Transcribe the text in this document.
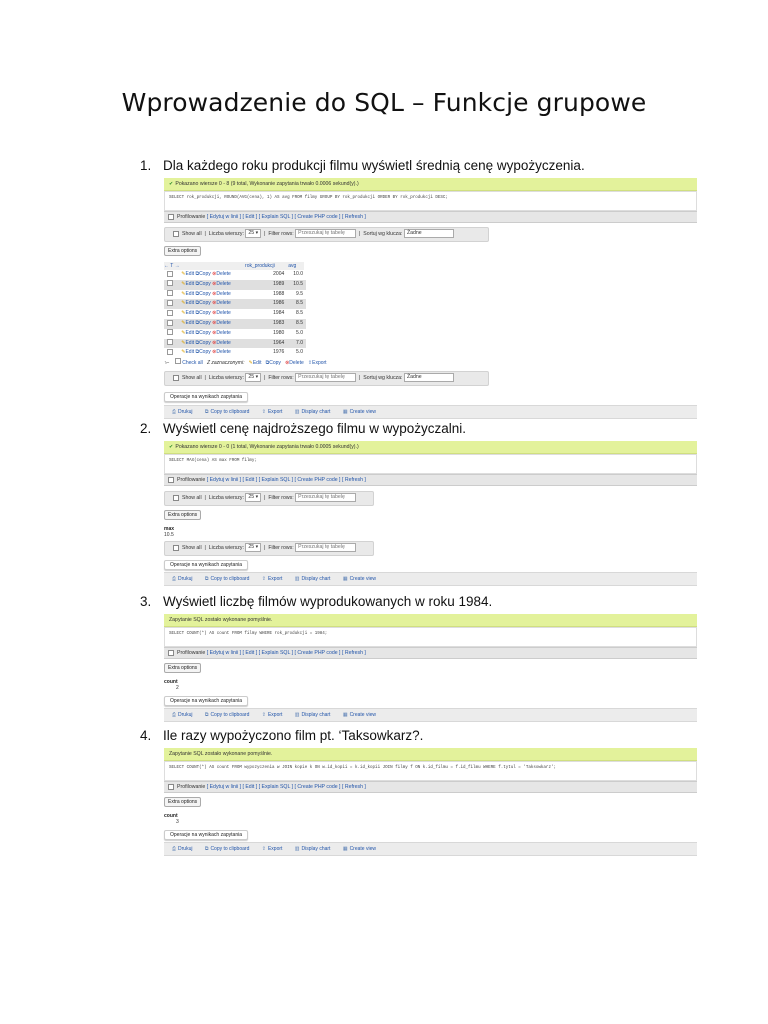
Wprowadzenie do SQL – Funkcje grupowe
1. Dla każdego roku produkcji filmu wyświetl średnią cenę wypożyczenia.
✔ Pokazano wiersze 0 - 8 (9 total, Wykonanie zapytania trwało 0.0006 sekund(y).)
SELECT rok_produkcji, ROUND(AVG(cena), 1) AS avg FROM filmy GROUP BY rok_produkcji ORDER BY rok_produkcji DESC;
Profilowanie [ Edytuj w linii ] [ Edit ] [ Explain SQL ] [ Create PHP code ] [ Refresh ]
Show all  |  Liczba wierszy: 25 ▾  |  Filter rows: Przeszukaj tę tabelę  |  Sortuj wg klucza: Żadne
Extra options
← T →	rok_produkcji	avg
	✎Edit ⧉Copy ⊗Delete	2004	10.0
	✎Edit ⧉Copy ⊗Delete	1989	10.5
	✎Edit ⧉Copy ⊗Delete	1988	9.5
	✎Edit ⧉Copy ⊗Delete	1986	8.5
	✎Edit ⧉Copy ⊗Delete	1984	8.5
	✎Edit ⧉Copy ⊗Delete	1983	8.5
	✎Edit ⧉Copy ⊗Delete	1980	5.0
	✎Edit ⧉Copy ⊗Delete	1964	7.0
	✎Edit ⧉Copy ⊗Delete	1976	5.0
↑⌐	Check all Z zaznaczonymi: ✎Edit ⧉Copy ⊗Delete ⇪Export
Show all  |  Liczba wierszy: 25 ▾  |  Filter rows: Przeszukaj tę tabelę  |  Sortuj wg klucza: Żadne
Operacje na wynikach zapytania
⎙ Drukuj ⧉ Copy to clipboard ⇪ Export ▥ Display chart ▦ Create view
2. Wyświetl cenę najdroższego filmu w wypożyczalni.
✔ Pokazano wiersze 0 - 0 (1 total, Wykonanie zapytania trwało 0.0005 sekund(y).)
SELECT MAX(cena) AS max FROM filmy;
Profilowanie [ Edytuj w linii ] [ Edit ] [ Explain SQL ] [ Create PHP code ] [ Refresh ]
Show all  |  Liczba wierszy: 25 ▾  |  Filter rows: Przeszukaj tę tabelę
Extra options
max
10.5
Show all  |  Liczba wierszy: 25 ▾  |  Filter rows: Przeszukaj tę tabelę
Operacje na wynikach zapytania
⎙ Drukuj ⧉ Copy to clipboard ⇪ Export ▥ Display chart ▦ Create view
3. Wyświetl liczbę filmów wyprodukowanych w roku 1984.
Zapytanie SQL zostało wykonane pomyślnie.
SELECT COUNT(*) AS count FROM filmy WHERE rok_produkcji = 1984;
Profilowanie [ Edytuj w linii ] [ Edit ] [ Explain SQL ] [ Create PHP code ] [ Refresh ]
Extra options
count
2
Operacje na wynikach zapytania
⎙ Drukuj ⧉ Copy to clipboard ⇪ Export ▥ Display chart ▦ Create view
4. Ile razy wypożyczono film pt. ‘Taksowkarz?.
Zapytanie SQL zostało wykonane pomyślnie.
SELECT COUNT(*) AS count FROM wypozyczenia w JOIN kopie k ON w.id_kopii = k.id_kopii JOIN filmy f ON k.id_filmu = f.id_filmu WHERE f.tytul = 'Taksowkarz';
Profilowanie [ Edytuj w linii ] [ Edit ] [ Explain SQL ] [ Create PHP code ] [ Refresh ]
Extra options
count
3
Operacje na wynikach zapytania
⎙ Drukuj ⧉ Copy to clipboard ⇪ Export ▥ Display chart ▦ Create view
